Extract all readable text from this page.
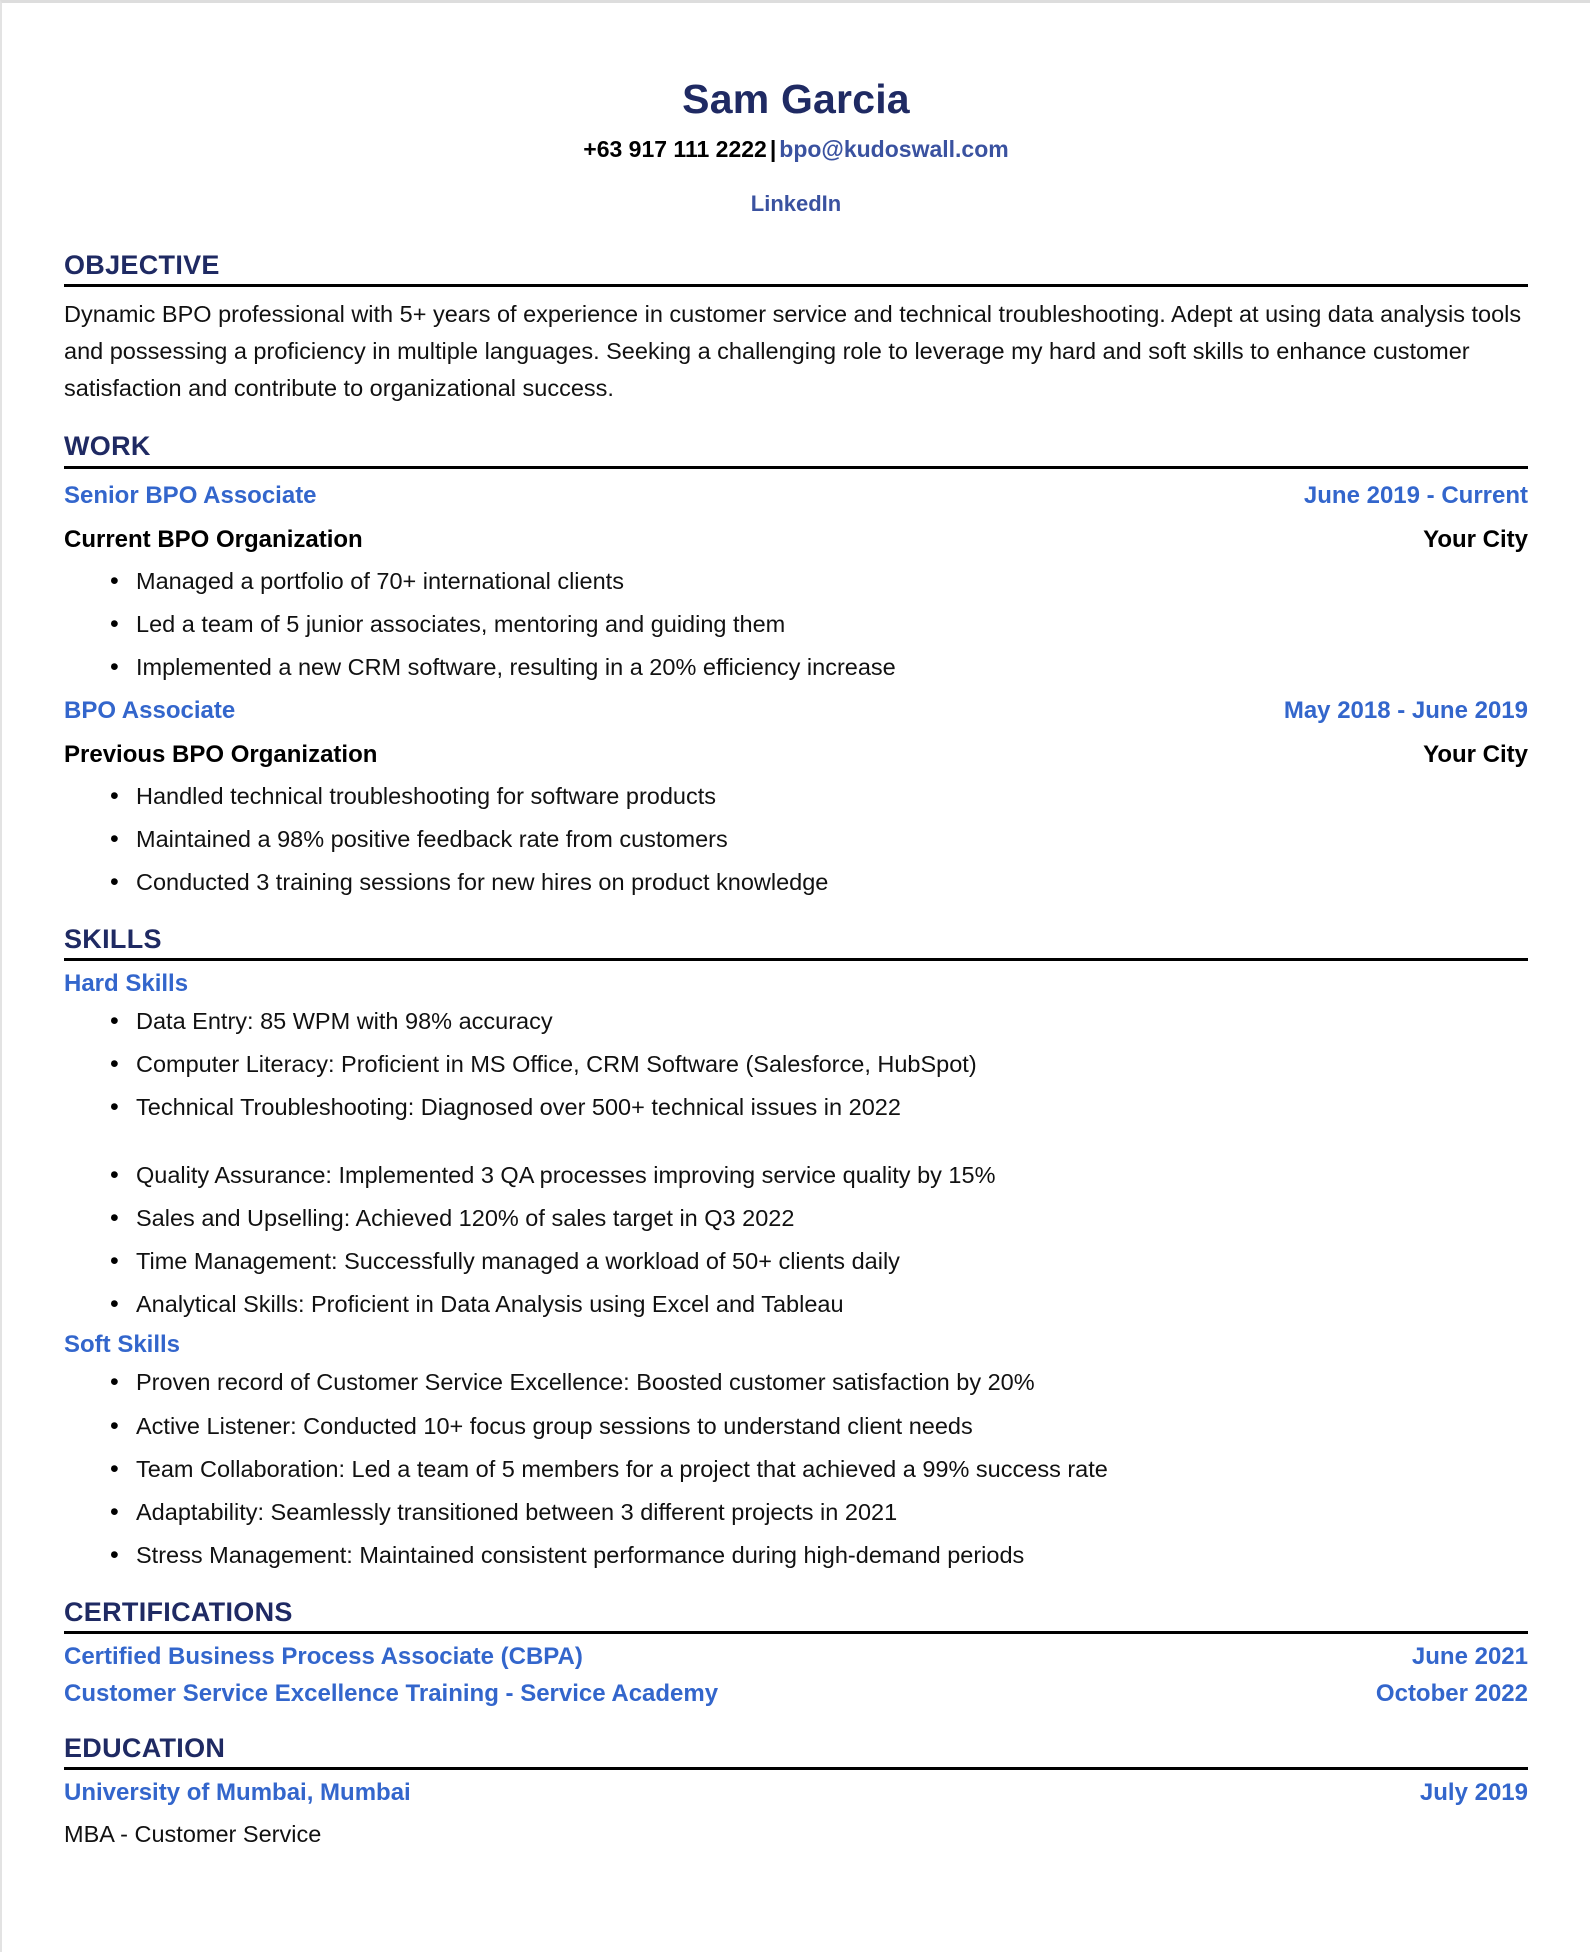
Sam Garcia
+63 917 111 2222 | bpo@kudoswall.com
LinkedIn
OBJECTIVE
Dynamic BPO professional with 5+ years of experience in customer service and technical troubleshooting. Adept at using data analysis tools and possessing a proficiency in multiple languages. Seeking a challenging role to leverage my hard and soft skills to enhance customer satisfaction and contribute to organizational success.
WORK
Senior BPO Associate	June 2019 - Current
Current BPO Organization	Your City
• Managed a portfolio of 70+ international clients
• Led a team of 5 junior associates, mentoring and guiding them
• Implemented a new CRM software, resulting in a 20% efficiency increase
BPO Associate	May 2018 - June 2019
Previous BPO Organization	Your City
• Handled technical troubleshooting for software products
• Maintained a 98% positive feedback rate from customers
• Conducted 3 training sessions for new hires on product knowledge
SKILLS
Hard Skills
• Data Entry: 85 WPM with 98% accuracy
• Computer Literacy: Proficient in MS Office, CRM Software (Salesforce, HubSpot)
• Technical Troubleshooting: Diagnosed over 500+ technical issues in 2022
• Quality Assurance: Implemented 3 QA processes improving service quality by 15%
• Sales and Upselling: Achieved 120% of sales target in Q3 2022
• Time Management: Successfully managed a workload of 50+ clients daily
• Analytical Skills: Proficient in Data Analysis using Excel and Tableau
Soft Skills
• Proven record of Customer Service Excellence: Boosted customer satisfaction by 20%
• Active Listener: Conducted 10+ focus group sessions to understand client needs
• Team Collaboration: Led a team of 5 members for a project that achieved a 99% success rate
• Adaptability: Seamlessly transitioned between 3 different projects in 2021
• Stress Management: Maintained consistent performance during high-demand periods
CERTIFICATIONS
Certified Business Process Associate (CBPA)	June 2021
Customer Service Excellence Training - Service Academy	October 2022
EDUCATION
University of Mumbai, Mumbai	July 2019
MBA - Customer Service
